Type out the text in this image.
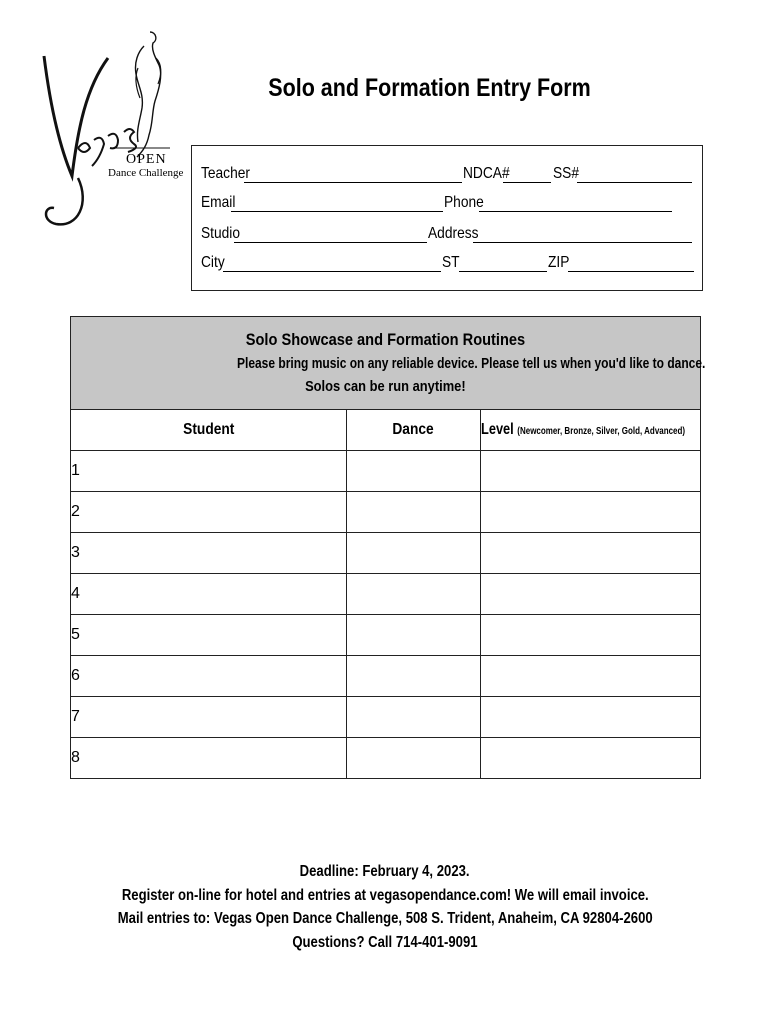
OPEN
Dance Challenge
Solo and Formation Entry Form
Teacher	NDCA#	SS#
Email	Phone
Studio	Address
City	ST	ZIP
Solo Showcase and Formation Routines
Please bring music on any reliable device. Please tell us when you'd like to dance.
Solos can be run anytime!		

Student	Dance	Level (Newcomer, Bronze, Silver, Gold, Advanced)
1		
2		
3		
4		
5		
6		
7		
8		
Deadline: February 4, 2023.
Register on-line for hotel and entries at vegasopendance.com! We will email invoice.
Mail entries to: Vegas Open Dance Challenge, 508 S. Trident, Anaheim, CA 92804-2600
Questions? Call 714-401-9091
